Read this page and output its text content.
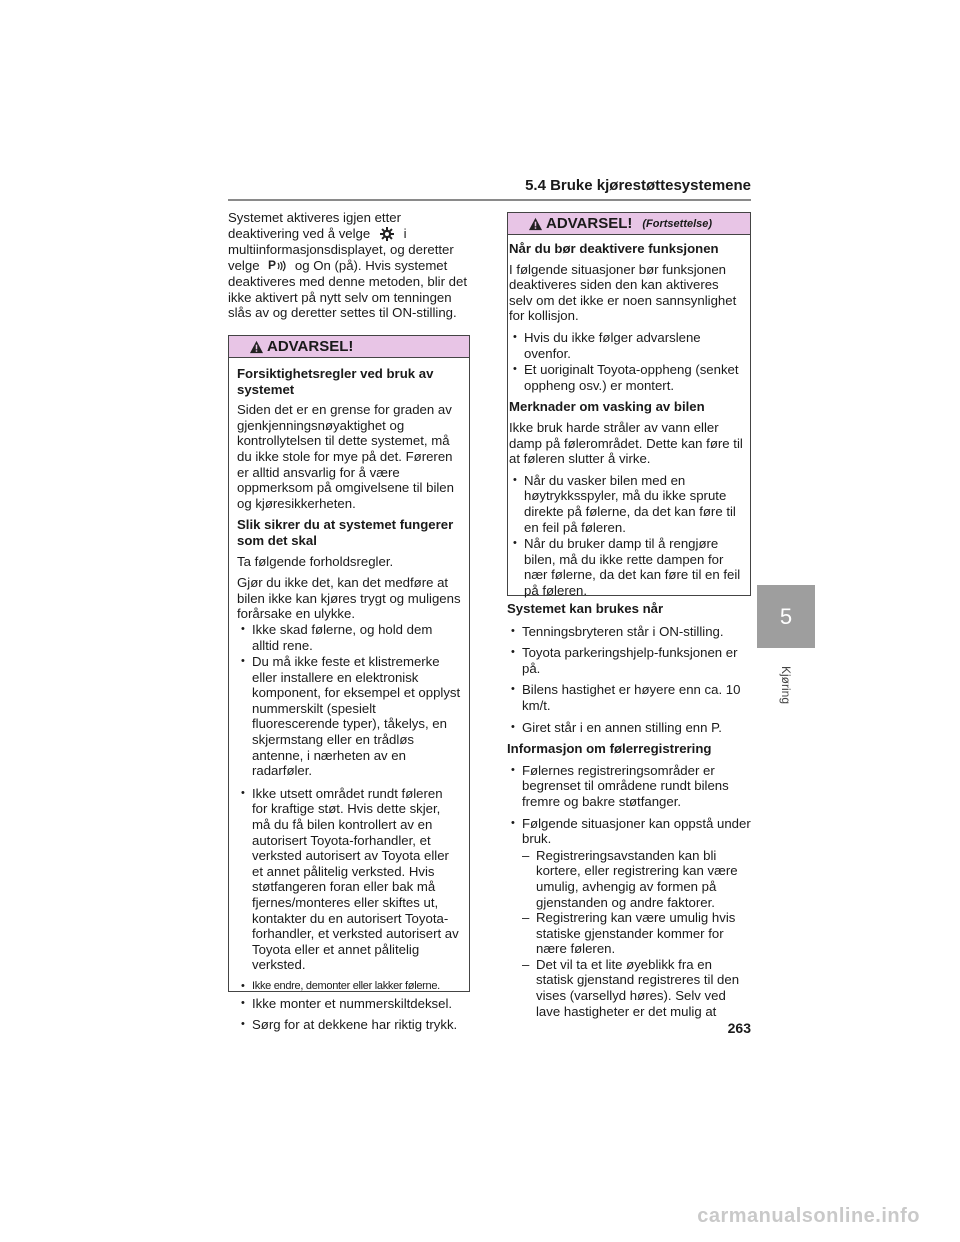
5.4 Bruke kjørestøttesystemene
5
Kjøring

Systemet aktiveres igjen etter deaktivering ved å velge	i multiinformasjonsdisplayet, og deretter velge P og On (på). Hvis systemet deaktiveres med denne metoden, blir det ikke aktivert på nytt selv om tenningen slås av og deretter settes til ON-stilling.

ADVARSEL!

Forsiktighetsregler ved bruk av systemet

Siden det er en grense for graden av gjenkjenningsnøyaktighet og kontrollytelsen til dette systemet, må du ikke stole for mye på det. Føreren er alltid ansvarlig for å være oppmerksom på omgivelsene til bilen og kjøresikkerheten.

Slik sikrer du at systemet fungerer som det skal

Ta følgende forholdsregler.

Gjør du ikke det, kan det medføre at bilen ikke kan kjøres trygt og muligens forårsake en ulykke.

• Ikke skad følerne, og hold dem alltid rene.
• Du må ikke feste et klistremerke eller installere en elektronisk komponent, for eksempel et opplyst nummerskilt (spesielt fluorescerende typer), tåkelys, en skjermstang eller en trådløs antenne, i nærheten av en radarføler.
• Ikke utsett området rundt føleren for kraftige støt. Hvis dette skjer, må du få bilen kontrollert av en autorisert Toyota-forhandler, et verksted autorisert av Toyota eller et annet pålitelig verksted. Hvis støtfangeren foran eller bak må fjernes/monteres eller skiftes ut, kontakter du en autorisert Toyota-forhandler, et verksted autorisert av Toyota eller et annet pålitelig verksted.
• Ikke endre, demonter eller lakker følerne.
• Ikke monter et nummerskiltdeksel.
• Sørg for at dekkene har riktig trykk.
ADVARSEL! (Fortsettelse)

Når du bør deaktivere funksjonen

I følgende situasjoner bør funksjonen deaktiveres siden den kan aktiveres selv om det ikke er noen sannsynlighet for kollisjon.

• Hvis du ikke følger advarslene ovenfor.
• Et uoriginalt Toyota-oppheng (senket oppheng osv.) er montert.

Merknader om vasking av bilen

Ikke bruk harde stråler av vann eller damp på følerområdet. Dette kan føre til at føleren slutter å virke.

• Når du vasker bilen med en høytrykksspyler, må du ikke sprute direkte på følerne, da det kan føre til en feil på føleren.
• Når du bruker damp til å rengjøre bilen, må du ikke rette dampen for nær følerne, da det kan føre til en feil på føleren.

Systemet kan brukes når

• Tenningsbryteren står i ON-stilling.
• Toyota parkeringshjelp-funksjonen er på.
• Bilens hastighet er høyere enn ca. 10 km/t.
• Giret står i en annen stilling enn P.

Informasjon om følerregistrering

• Følernes registreringsområder er begrenset til områdene rundt bilens fremre og bakre støtfanger.
• Følgende situasjoner kan oppstå under bruk.
– Registreringsavstanden kan bli kortere, eller registrering kan være umulig, avhengig av formen på gjenstanden og andre faktorer.
– Registrering kan være umulig hvis statiske gjenstander kommer for nære føleren.
– Det vil ta et lite øyeblikk fra en statisk gjenstand registreres til den vises (varsellyd høres). Selv ved lave hastigheter er det mulig at
263
carmanualsonline.info
